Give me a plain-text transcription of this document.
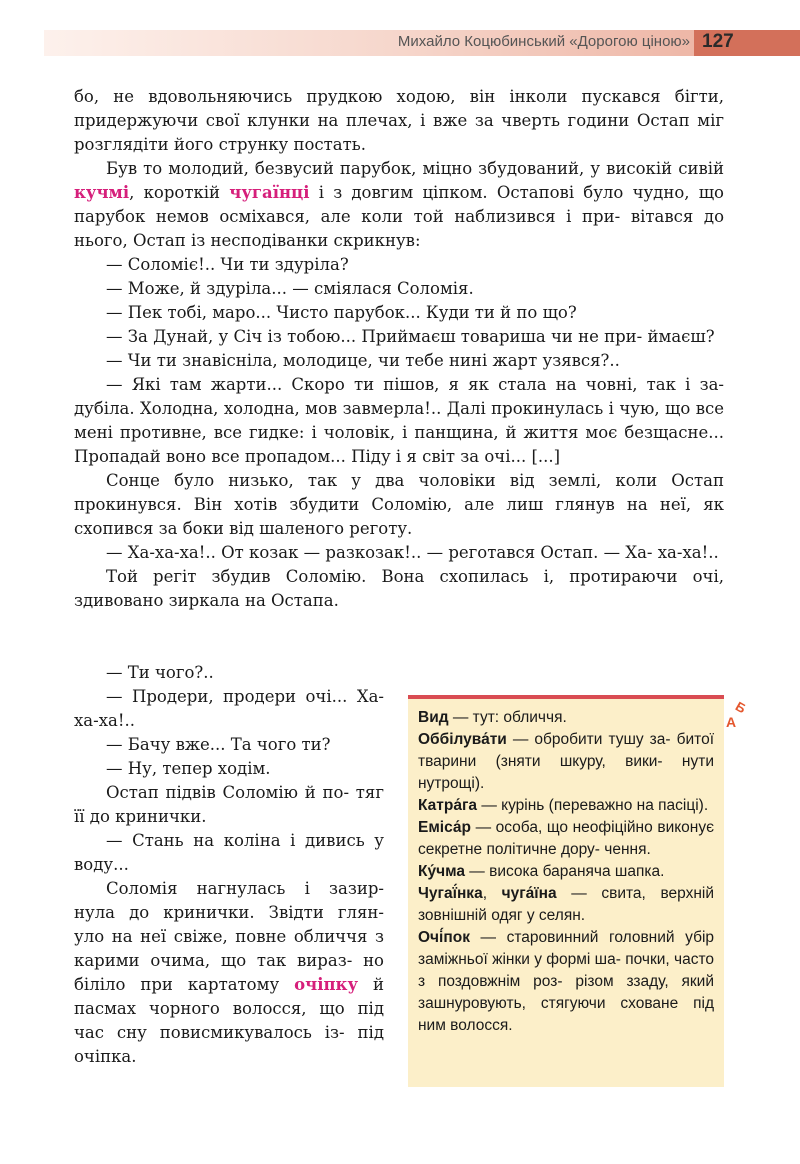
Михайло Коцюбинський «Дорогою ціною» 127

бо, не вдовольняючись прудкою ходою, він інколи пускався бігти, придержуючи свої клунки на плечах, і вже за чверть години Остап міг розглядіти його струнку постать.

Був то молодий, безвусий парубок, міцно збудований, у високій сивій кучмі, короткій чугаїнці і з довгим ціпком. Остапові було чудно, що парубок немов осміхався, але коли той наблизився і при- вітався до нього, Остап із несподіванки скрикнув:

— Соломіє!.. Чи ти здуріла?

— Може, й здуріла... — сміялася Соломія.

— Пек тобі, маро... Чисто парубок... Куди ти й по що?

— За Дунай, у Січ із тобою... Приймаєш товариша чи не при- ймаєш?

— Чи ти знавісніла, молодице, чи тебе нині жарт узявся?..

— Які там жарти... Скоро ти пішов, я як стала на човні, так і за- дубіла. Холодна, холодна, мов завмерла!.. Далі прокинулась і чую, що все мені противне, все гидке: і чоловік, і панщина, й життя моє безщасне... Пропадай воно все пропадом... Піду і я світ за очі... [...]

Сонце було низько, так у два чоловіки від землі, коли Остап прокинувся. Він хотів збудити Соломію, але лиш глянув на неї, як схопився за боки від шаленого реготу.

— Ха-ха-ха!.. От козак — разкозак!.. — реготався Остап. — Ха- ха-ха!..

Той регіт збудив Соломію. Вона схопилась і, протираючи очі, здивовано зиркала на Остапа.

— Ти чого?..

— Продери, продери очі... Ха-ха-ха!..

— Бачу вже... Та чого ти?

— Ну, тепер ходім.

Остап підвів Соломію й по- тяг її до кринички.

— Стань на коліна і дивись у воду...

Соломія нагнулась і зазир- нула до кринички. Звідти глян- уло на неї свіже, повне обличчя з карими очима, що так вираз- но біліло при картатому очіпку й пасмах чорного волосся, що під час сну повисмикувалось із- під очіпка.

Вид — тут: обличчя.

Оббілува́ти — обробити тушу за- битої тварини (зняти шкуру, вики- нути нутрощі).

Катра́га — курінь (переважно на пасіці).

Еміса́р — особа, що неофіційно виконує секретне політичне дору- чення.

Ку́чма — висока бараняча шапка.

Чугаї́нка, чуга́їна — свита, верхній зовнішній одяг у селян.

Очі́пок — старовинний головний убір заміжньої жінки у формі ша- почки, часто з поздовжнім роз- різом ззаду, який зашнуровують, стягуючи сховане під ним волосся.

Б
А
